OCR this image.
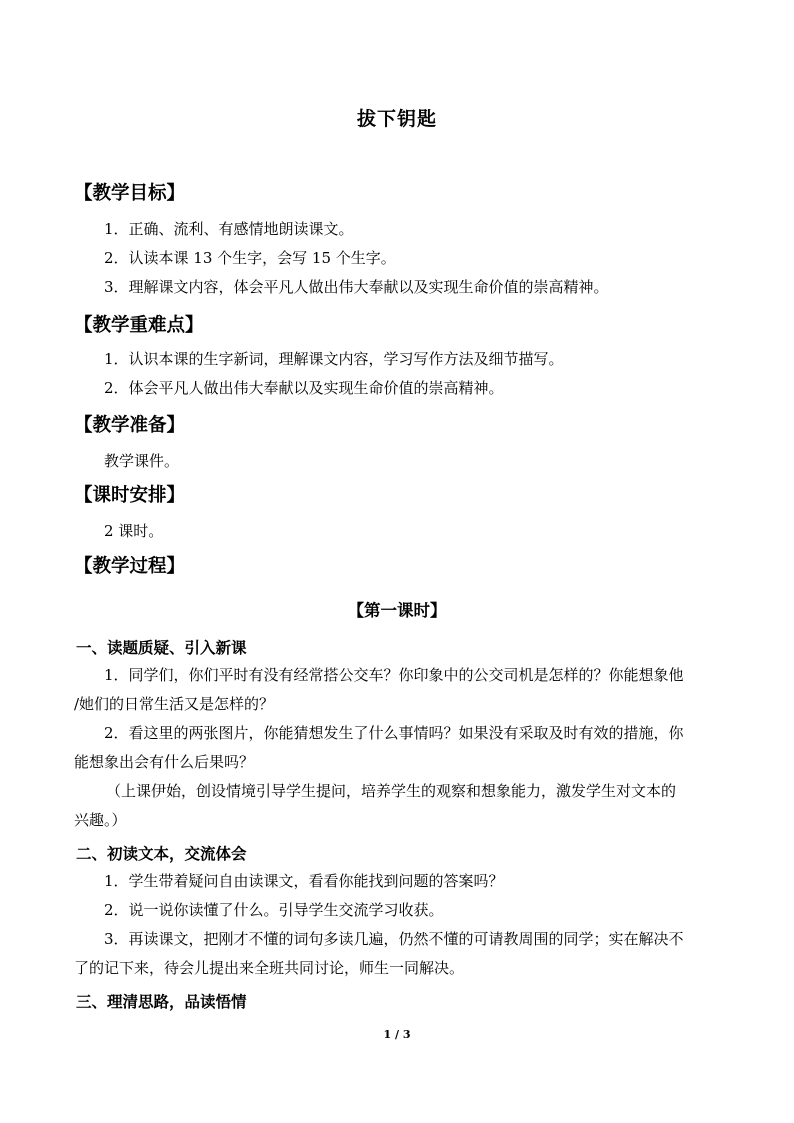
拔下钥匙
【教学目标】
1．正确、流利、有感情地朗读课文。
2．认读本课 13 个生字，会写 15 个生字。
3．理解课文内容，体会平凡人做出伟大奉献以及实现生命价值的崇高精神。
【教学重难点】
1．认识本课的生字新词，理解课文内容，学习写作方法及细节描写。
2．体会平凡人做出伟大奉献以及实现生命价值的崇高精神。
【教学准备】
教学课件。
【课时安排】
2 课时。
【教学过程】
【第一课时】
一、读题质疑、引入新课
1．同学们，你们平时有没有经常搭公交车？你印象中的公交司机是怎样的？你能想象他
/她们的日常生活又是怎样的？
2．看这里的两张图片，你能猜想发生了什么事情吗？如果没有采取及时有效的措施，你
能想象出会有什么后果吗？
（上课伊始，创设情境引导学生提问，培养学生的观察和想象能力，激发学生对文本的
兴趣。）
二、初读文本，交流体会
1．学生带着疑问自由读课文，看看你能找到问题的答案吗？
2．说一说你读懂了什么。引导学生交流学习收获。
3．再读课文，把刚才不懂的词句多读几遍，仍然不懂的可请教周围的同学；实在解决不
了的记下来，待会儿提出来全班共同讨论，师生一同解决。
三、理清思路，品读悟情
1 / 3
